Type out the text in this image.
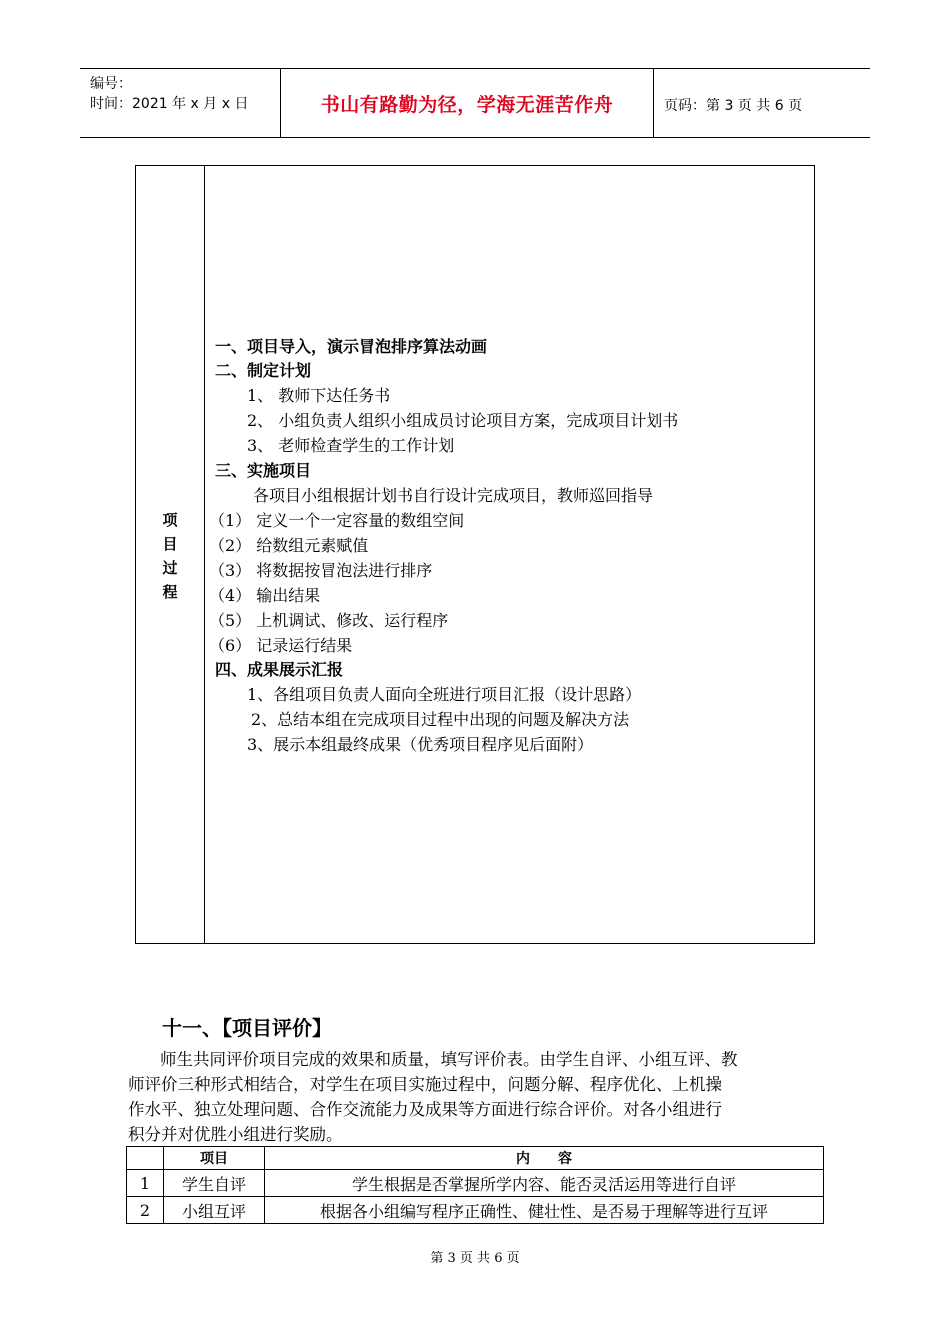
编号：
时间：2021 年 x 月 x 日	书山有路勤为径，学海无涯苦作舟	页码：第 3 页 共 6 页
项
目
过
程
一、项目导入，演示冒泡排序算法动画
二、制定计划
1、 教师下达任务书
2、 小组负责人组织小组成员讨论项目方案，完成项目计划书
3、 老师检查学生的工作计划
三、实施项目
各项目小组根据计划书自行设计完成项目，教师巡回指导
（1） 定义一个一定容量的数组空间
（2） 给数组元素赋值
（3） 将数据按冒泡法进行排序
（4） 输出结果
（5） 上机调试、修改、运行程序
（6） 记录运行结果
四、成果展示汇报
1、各组项目负责人面向全班进行项目汇报（设计思路）
2、总结本组在完成项目过程中出现的问题及解决方法
3、展示本组最终成果（优秀项目程序见后面附）
十一、【项目评价】
师生共同评价项目完成的效果和质量，填写评价表。由学生自评、小组互评、教
师评价三种形式相结合，对学生在项目实施过程中，问题分解、程序优化、上机操
作水平、独立处理问题、合作交流能力及成果等方面进行综合评价。对各小组进行
积分并对优胜小组进行奖励。
	项目	内　　容
1	学生自评	学生根据是否掌握所学内容、能否灵活运用等进行自评
2	小组互评	根据各小组编写程序正确性、健壮性、是否易于理解等进行互评
第 3 页 共 6 页
